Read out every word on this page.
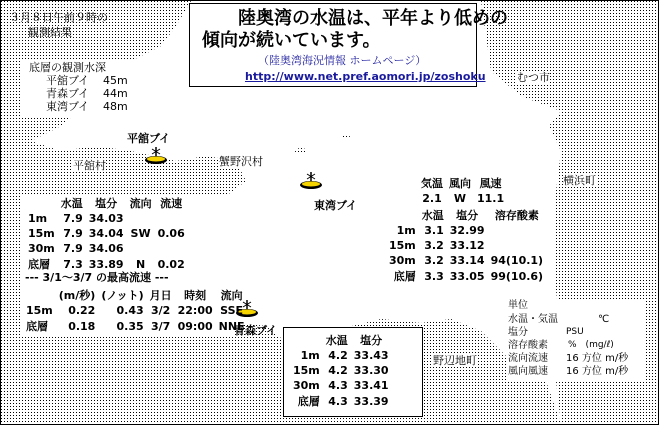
３月８日午前９時の
観測結果
底層の観測水深
平舘ブイ 45m
青森ブイ 44m
東湾ブイ 48m
陸奥湾の水温は、平年より低めの
傾向が続いています。
（陸奥湾海況情報 ホームページ）
http://www.net.pref.aomori.jp/zoshoku	むつ市
平舘村	蟹野沢村
横浜町
野辺地町
平舘ブイ
東湾ブイ
青森ブイ
	水温	塩分	流向	流速
1m	7.9	34.03		
15m	7.9	34.04	SW	0.06
30m	7.9	34.06		
底層	7.3	33.89	N	0.02
--- 3/1～3/7 の最高流速 ---
	(m/秒)	(ノット)	月日	時刻	流向
15m	0.22	0.43	3/2	22:00	SSE
底層	0.18	0.35	3/7	09:00	NNE
気温	風向	風速
2.1	W	11.1
	水温	塩分	溶存酸素
1m	3.1	32.99	
15m	3.2	33.12	
30m	3.2	33.14	94(10.1)
底層	3.3	33.05	99(10.6)
	水温	塩分
1m	4.2	33.43
15m	4.2	33.30
30m	4.3	33.41
底層	4.3	33.39
単位
水温・気温	℃
塩分	PSU
溶存酸素 %　(mg/ℓ)
流向流速 16 方位 m/秒
風向風速 16 方位 m/秒
